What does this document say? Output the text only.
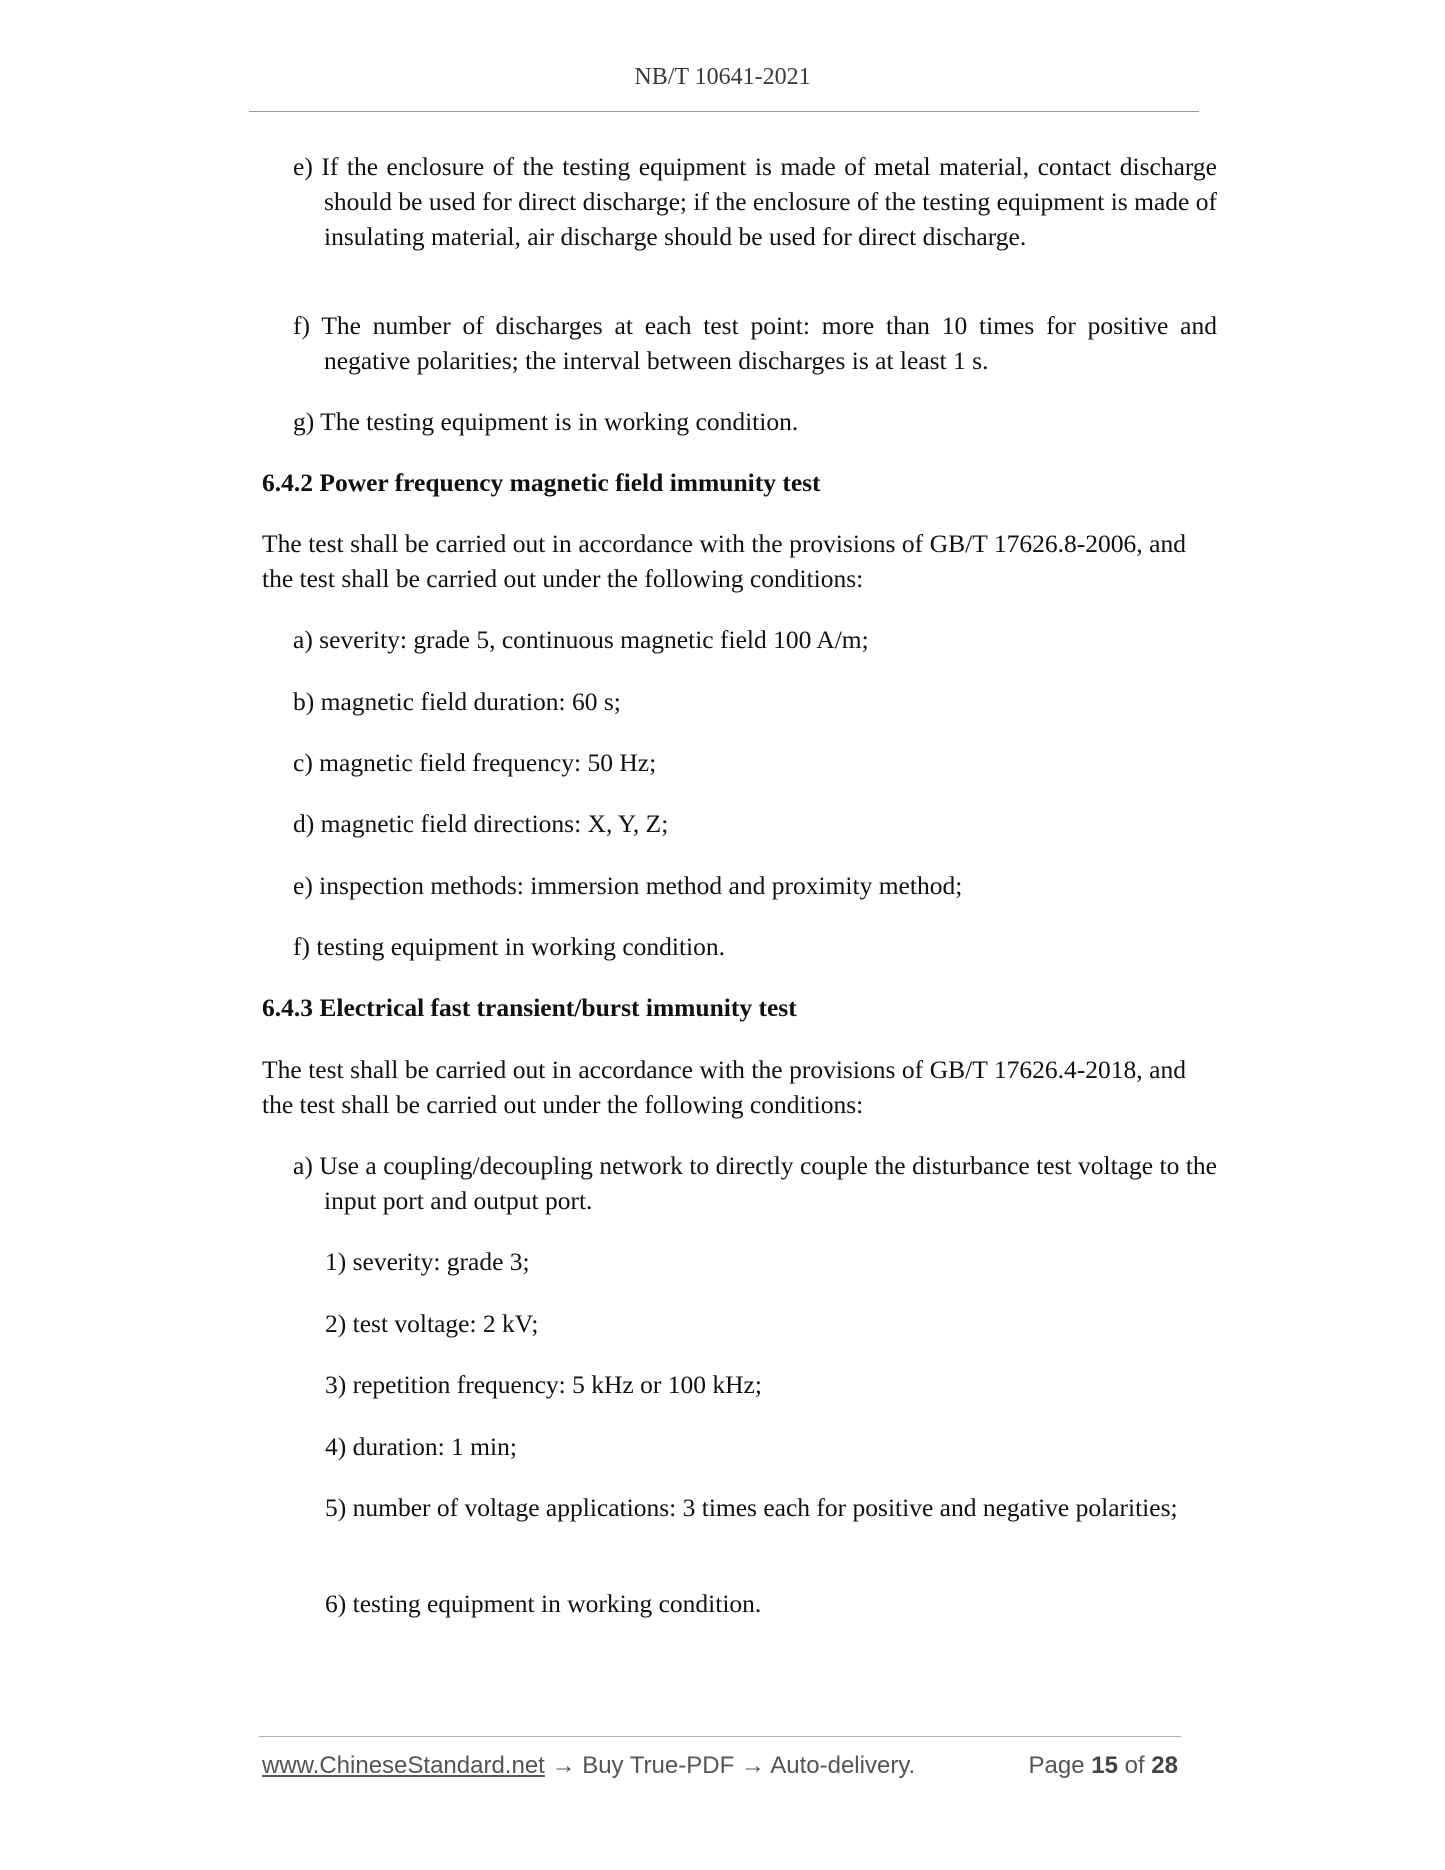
NB/T 10641-2021
e) If the enclosure of the testing equipment is made of metal material, contact discharge should be used for direct discharge; if the enclosure of the testing equipment is made of insulating material, air discharge should be used for direct discharge.
f) The number of discharges at each test point: more than 10 times for positive and negative polarities; the interval between discharges is at least 1 s.
g) The testing equipment is in working condition.
6.4.2 Power frequency magnetic field immunity test
The test shall be carried out in accordance with the provisions of GB/T 17626.8-2006, and the test shall be carried out under the following conditions:
a) severity: grade 5, continuous magnetic field 100 A/m;
b) magnetic field duration: 60 s;
c) magnetic field frequency: 50 Hz;
d) magnetic field directions: X, Y, Z;
e) inspection methods: immersion method and proximity method;
f) testing equipment in working condition.
6.4.3 Electrical fast transient/burst immunity test
The test shall be carried out in accordance with the provisions of GB/T 17626.4-2018, and the test shall be carried out under the following conditions:
a) Use a coupling/decoupling network to directly couple the disturbance test voltage to the input port and output port.
1) severity: grade 3;
2) test voltage: 2 kV;
3) repetition frequency: 5 kHz or 100 kHz;
4) duration: 1 min;
5) number of voltage applications: 3 times each for positive and negative polarities;
6) testing equipment in working condition.
www.ChineseStandard.net → Buy True-PDF → Auto-delivery.	Page 15 of 28
